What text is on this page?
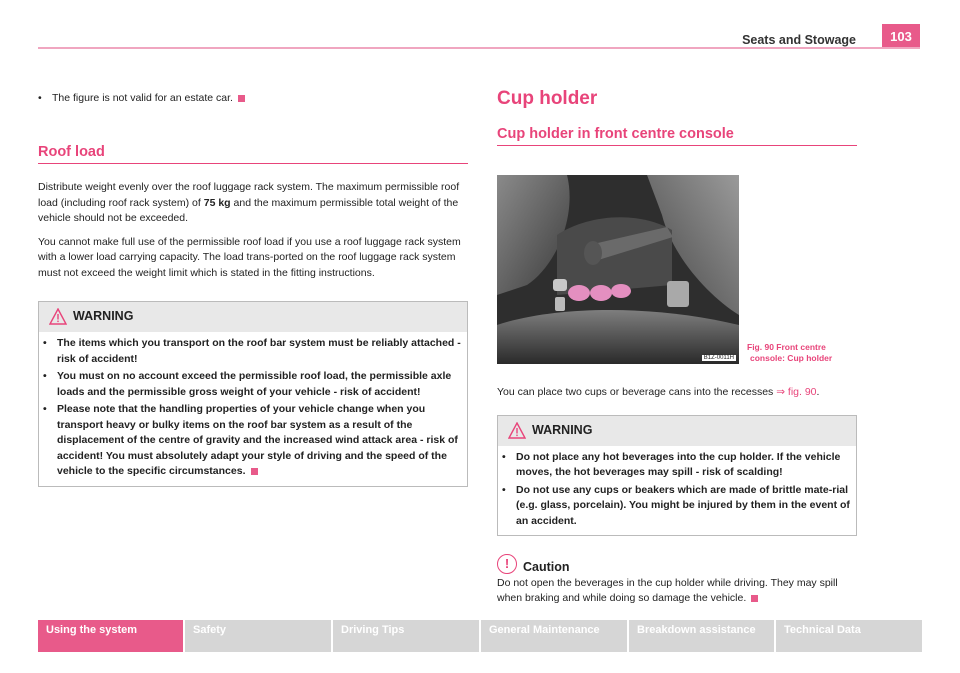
Seats and Stowage	103
• The figure is not valid for an estate car.
Roof load

Distribute weight evenly over the roof luggage rack system. The maximum permissible roof load (including roof rack system) of 75 kg and the maximum permissible total weight of the vehicle should not be exceeded.

You cannot make full use of the permissible roof load if you use a roof luggage rack system with a lower load carrying capacity. The load trans-ported on the roof luggage rack system must not exceed the weight limit which is stated in the fitting instructions.

WARNING
• The items which you transport on the roof bar system must be reliably attached - risk of accident!
• You must on no account exceed the permissible roof load, the permissible axle loads and the permissible gross weight of your vehicle - risk of accident!
• Please note that the handling properties of your vehicle change when you transport heavy or bulky items on the roof bar system as a result of the displacement of the centre of gravity and the increased wind attack area - risk of accident! You must absolutely adapt your style of driving and the speed of the vehicle to the specific circumstances.
Cup holder
Cup holder in front centre console
B1Z-0011H
Fig. 90 Front centre
console: Cup holder

You can place two cups or beverage cans into the recesses ⇒ fig. 90.

WARNING
• Do not place any hot beverages into the cup holder. If the vehicle moves, the hot beverages may spill - risk of scalding!
• Do not use any cups or beakers which are made of brittle mate-rial (e.g. glass, porcelain). You might be injured by them in the event of an accident.
!	Caution

Do not open the beverages in the cup holder while driving. They may spill when braking and while doing so damage the vehicle.

Using the system	Safety	Driving Tips	General Maintenance	Breakdown assistance	Technical Data
